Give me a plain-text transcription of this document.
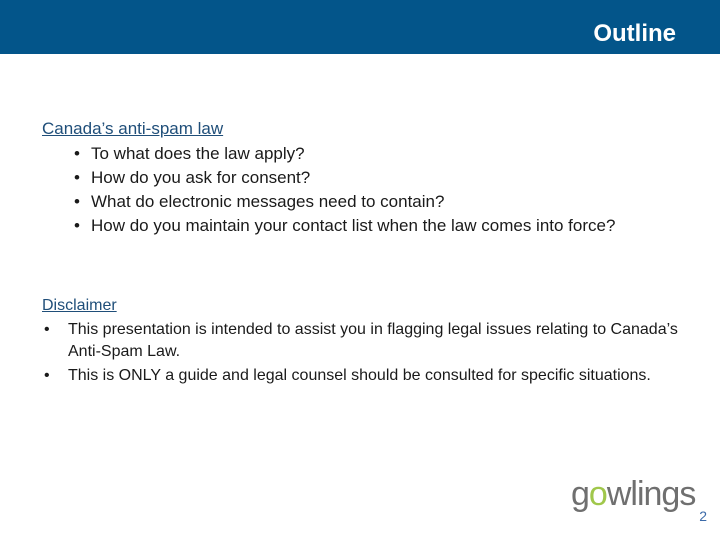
Outline
Canada’s anti-spam law
• To what does the law apply?
• How do you ask for consent?
• What do electronic messages need to contain?
• How do you maintain your contact list when the law comes into force?
Disclaimer
• This presentation is intended to assist you in flagging legal issues relating to Canada’s Anti-Spam Law.
• This is ONLY a guide and legal counsel should be consulted for specific situations.
gowlings
2
